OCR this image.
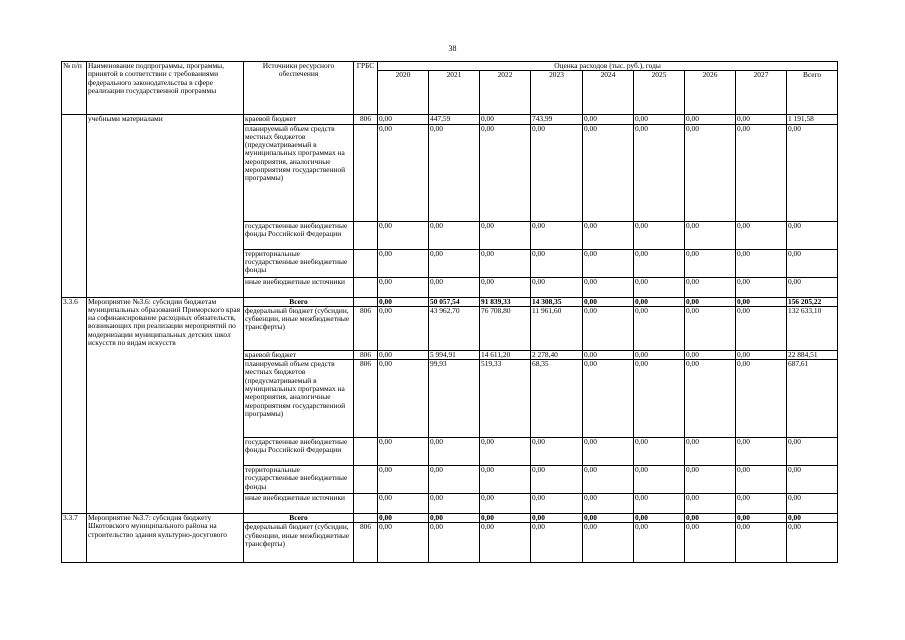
38
№ п/п	Наименование подпрограммы, программы, принятой в соответствии с требованиями федерального законодательства в сфере реализации государственной программы	Источники ресурсного обеспечения	ГРБС	Оценка расходов (тыс. руб.), годы								
				2020	2021	2022	2023	2024	2025	2026	2027	Всего
	учебными материалами	краевой бюджет	806	0,00	447,59	0,00	743,99	0,00	0,00	0,00	0,00	1 191,58
		планируемый объем средств местных бюджетов (предусматриваемый в муниципальных программах на мероприятия, аналогичные мероприятиям государственной программы)		0,00	0,00	0,00	0,00	0,00	0,00	0,00	0,00	0,00
		государственные внебюджетные фонды Российской Федерации		0,00	0,00	0,00	0,00	0,00	0,00	0,00	0,00	0,00
		территориальные государственные внебюджетные фонды		0,00	0,00	0,00	0,00	0,00	0,00	0,00	0,00	0,00
		иные внебюджетные источники		0,00	0,00	0,00	0,00	0,00	0,00	0,00	0,00	0,00
3.3.6	Мероприятие №3.6: субсидии бюджетам муниципальных образований Приморского края на софинансирование расходных обязательств, возникающих при реализации мероприятий по модернизации муниципальных детских школ искусств по видам искусств	Всего		0,00	50 057,54	91 839,33	14 308,35	0,00	0,00	0,00	0,00	156 205,22
		федеральный бюджет (субсидии, субвенции, иные межбюджетные трансферты)	806	0,00	43 962,70	76 708,80	11 961,60	0,00	0,00	0,00	0,00	132 633,10
		краевой бюджет	806	0,00	5 994,91	14 611,20	2 278,40	0,00	0,00	0,00	0,00	22 884,51
		планируемый объем средств местных бюджетов (предусматриваемый в муниципальных программах на мероприятия, аналогичные мероприятиям государственной программы)	806	0,00	99,93	519,33	68,35	0,00	0,00	0,00	0,00	687,61
		государственные внебюджетные фонды Российской Федерации		0,00	0,00	0,00	0,00	0,00	0,00	0,00	0,00	0,00
		территориальные государственные внебюджетные фонды		0,00	0,00	0,00	0,00	0,00	0,00	0,00	0,00	0,00
		иные внебюджетные источники		0,00	0,00	0,00	0,00	0,00	0,00	0,00	0,00	0,00
3.3.7	Мероприятие №3.7: субсидия бюджету Шкотовского муниципального района на строительство здания культурно-досугового	Всего		0,00	0,00	0,00	0,00	0,00	0,00	0,00	0,00	0,00
		федеральный бюджет (субсидии, субвенции, иные межбюджетные трансферты)	806	0,00	0,00	0,00	0,00	0,00	0,00	0,00	0,00	0,00
